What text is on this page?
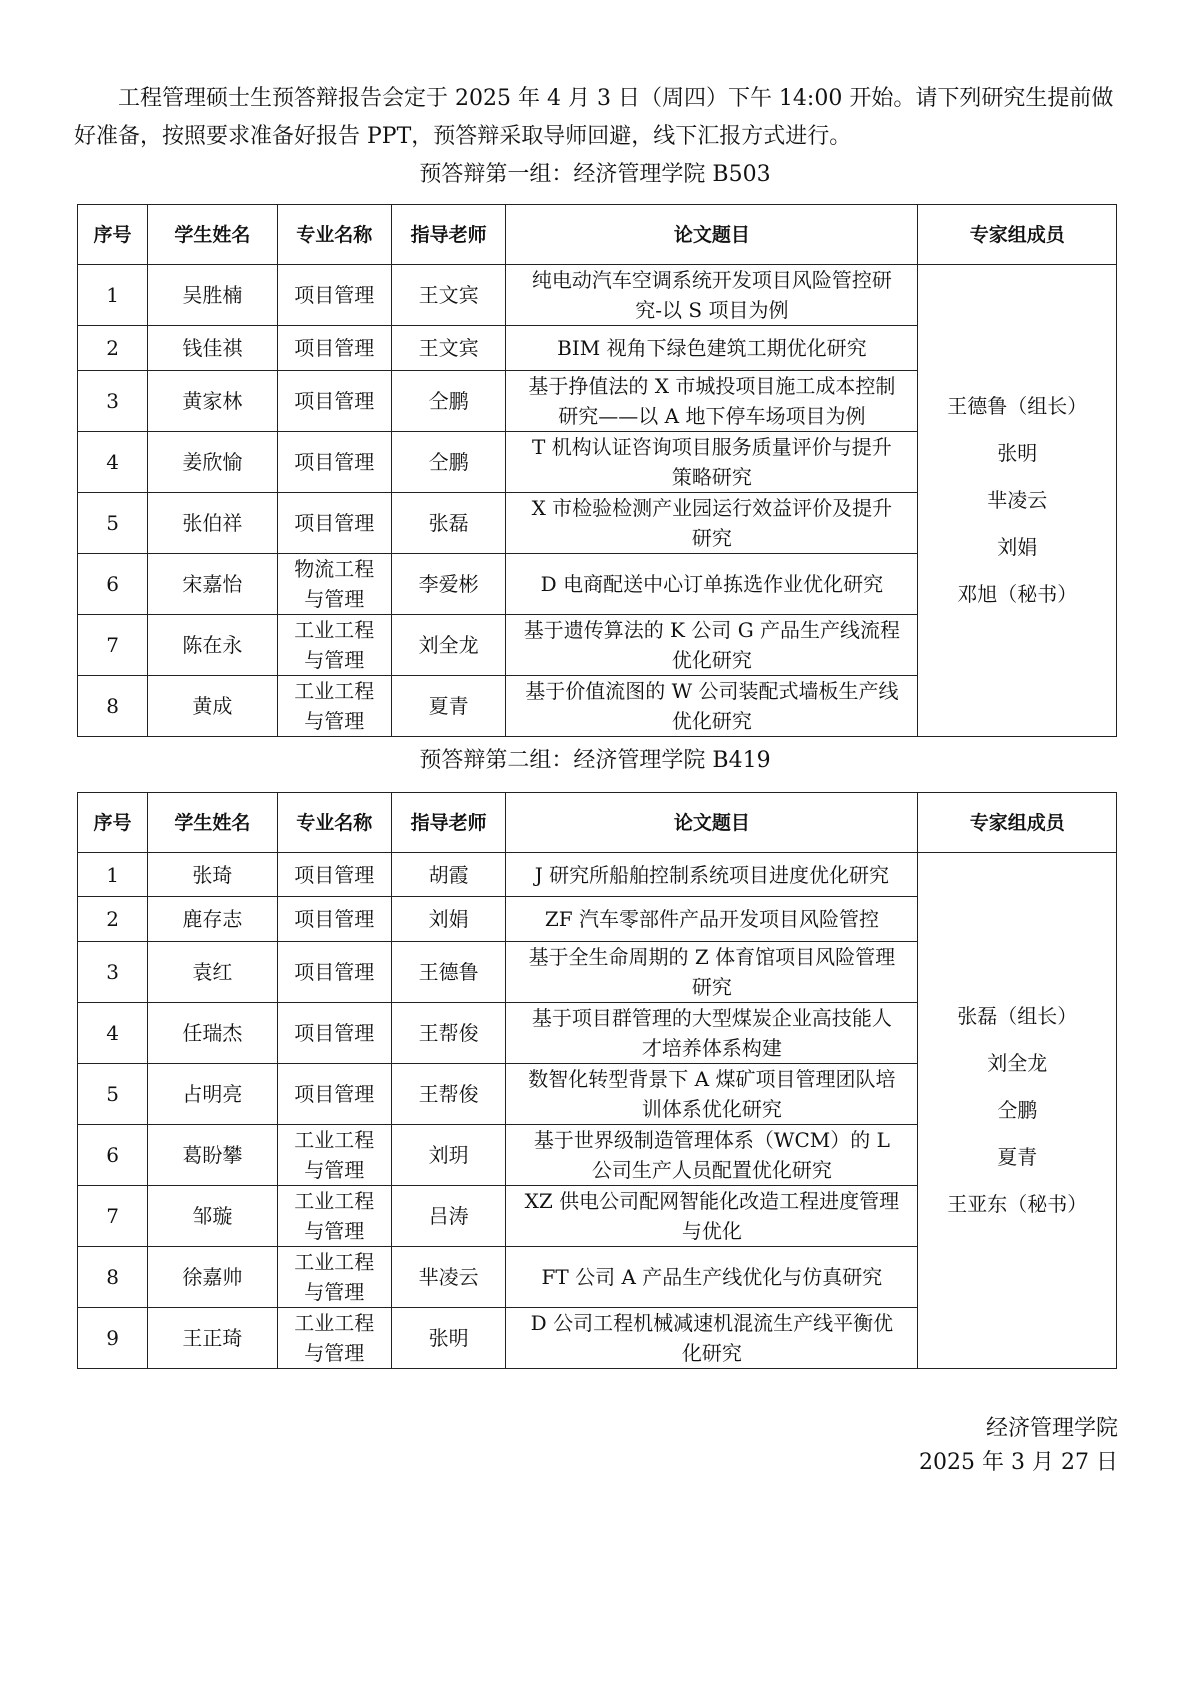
工程管理硕士生预答辩报告会定于 2025 年 4 月 3 日（周四）下午 14:00 开始。请下列研究生提前做好准备，按照要求准备好报告 PPT，预答辩采取导师回避，线下汇报方式进行。

预答辩第一组：经济管理学院 B503
序号	学生姓名	专业名称	指导老师	论文题目	专家组成员
1	吴胜楠	项目管理	王文宾	纯电动汽车空调系统开发项目风险管控研究-以 S 项目为例	王德鲁（组长）
张明
芈凌云
刘娟
邓旭（秘书）

2	钱佳祺	项目管理	王文宾	BIM 视角下绿色建筑工期优化研究	
3	黄家林	项目管理	仝鹏	基于挣值法的 X 市城投项目施工成本控制研究——以 A 地下停车场项目为例	
4	姜欣愉	项目管理	仝鹏	T 机构认证咨询项目服务质量评价与提升策略研究	
5	张伯祥	项目管理	张磊	X 市检验检测产业园运行效益评价及提升研究	
6	宋嘉怡	物流工程与管理	李爱彬	D 电商配送中心订单拣选作业优化研究	
7	陈在永	工业工程与管理	刘全龙	基于遗传算法的 K 公司 G 产品生产线流程优化研究	
8	黄成	工业工程与管理	夏青	基于价值流图的 W 公司装配式墙板生产线优化研究	
预答辩第二组：经济管理学院 B419
序号	学生姓名	专业名称	指导老师	论文题目	专家组成员
1	张琦	项目管理	胡霞	J 研究所船舶控制系统项目进度优化研究	张磊（组长）
刘全龙
仝鹏
夏青
王亚东（秘书）

2	鹿存志	项目管理	刘娟	ZF 汽车零部件产品开发项目风险管控	
3	袁红	项目管理	王德鲁	基于全生命周期的 Z 体育馆项目风险管理研究	
4	任瑞杰	项目管理	王帮俊	基于项目群管理的大型煤炭企业高技能人才培养体系构建	
5	占明亮	项目管理	王帮俊	数智化转型背景下 A 煤矿项目管理团队培训体系优化研究	
6	葛盼攀	工业工程与管理	刘玥	基于世界级制造管理体系（WCM）的 L 公司生产人员配置优化研究	
7	邹璇	工业工程与管理	吕涛	XZ 供电公司配网智能化改造工程进度管理与优化	
8	徐嘉帅	工业工程与管理	芈凌云	FT 公司 A 产品生产线优化与仿真研究	
9	王正琦	工业工程与管理	张明	D 公司工程机械减速机混流生产线平衡优化研究	
经济管理学院
2025 年 3 月 27 日
